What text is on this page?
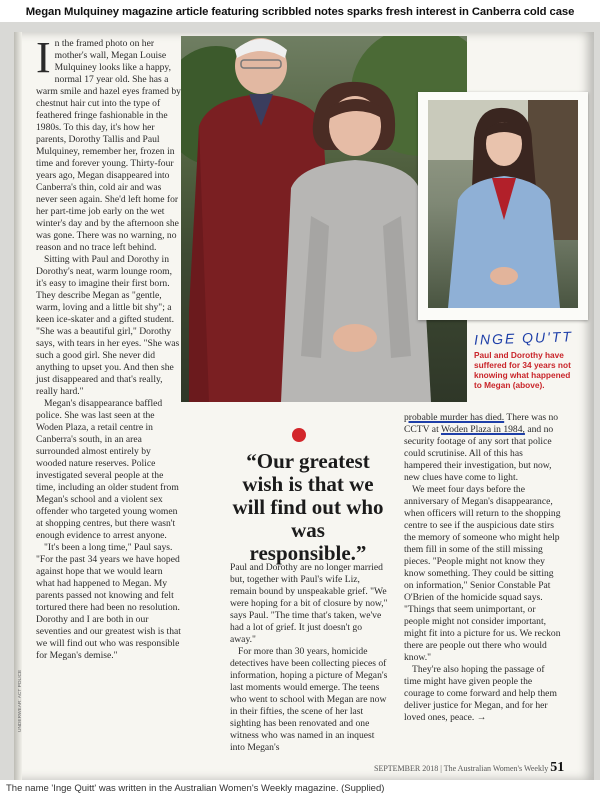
Megan Mulquiney magazine article featuring scribbled notes sparks fresh interest in Canberra cold case

In the framed photo on her mother's wall, Megan Louise Mulquiney looks like a happy, normal 17 year old. She has a warm smile and hazel eyes framed by chestnut hair cut into the type of feathered fringe fashionable in the 1980s. To this day, it's how her parents, Dorothy Tallis and Paul Mulquiney, remember her, frozen in time and forever young. Thirty-four years ago, Megan disappeared into Canberra's thin, cold air and was never seen again. She'd left home for her part-time job early on the wet winter's day and by the afternoon she was gone. There was no warning, no reason and no trace left behind.

Sitting with Paul and Dorothy in Dorothy's neat, warm lounge room, it's easy to imagine their first born. They describe Megan as "gentle, warm, loving and a little bit shy"; a keen ice-skater and a gifted student. "She was a beautiful girl," Dorothy says, with tears in her eyes. "She was such a good girl. She never did anything to upset you. And then she just disappeared and that's really, really hard."

Megan's disappearance baffled police. She was last seen at the Woden Plaza, a retail centre in Canberra's south, in an area surrounded almost entirely by wooded nature reserves. Police investigated several people at the time, including an older student from Megan's school and a violent sex offender who targeted young women at shopping centres, but there wasn't enough evidence to arrest anyone.

"It's been a long time," Paul says. "For the past 34 years we have hoped against hope that we would learn what had happened to Megan. My parents passed not knowing and felt tortured there had been no resolution. Dorothy and I are both in our seventies and our greatest wish is that we will find out who was responsible for Megan's demise."

INGE QU'TT
Paul and Dorothy have suffered for 34 years not knowing what happened to Megan (above).
“Our greatest wish is that we will find out who was responsible.”

Paul and Dorothy are no longer married but, together with Paul's wife Liz, remain bound by unspeakable grief. "We were hoping for a bit of closure by now," says Paul. "The time that's taken, we've had a lot of grief. It just doesn't go away."

For more than 30 years, homicide detectives have been collecting pieces of information, hoping a picture of Megan's last moments would emerge. The teens who went to school with Megan are now in their fifties, the scene of her last sighting has been renovated and one witness who was named in an inquest into Megan's

probable murder has died. There was no CCTV at Woden Plaza in 1984, and no security footage of any sort that police could scrutinise. All of this has hampered their investigation, but now, new clues have come to light.

We meet four days before the anniversary of Megan's disappearance, when officers will return to the shopping centre to see if the auspicious date stirs the memory of someone who might help them fill in some of the still missing pieces. "People might not know they know something. They could be sitting on information," Senior Constable Pat O'Brien of the homicide squad says. "Things that seem unimportant, or people might not consider important, might fit into a picture for us. We reckon there are people out there who would know."

They're also hoping the passage of time might have given people the courage to come forward and help them deliver justice for Megan, and for her loved ones, peace. →

UNDERWEAR: ACT POLICE
SEPTEMBER 2018 | The Australian Women's Weekly 51
The name 'Inge Quitt' was written in the Australian Women's Weekly magazine. (Supplied)
